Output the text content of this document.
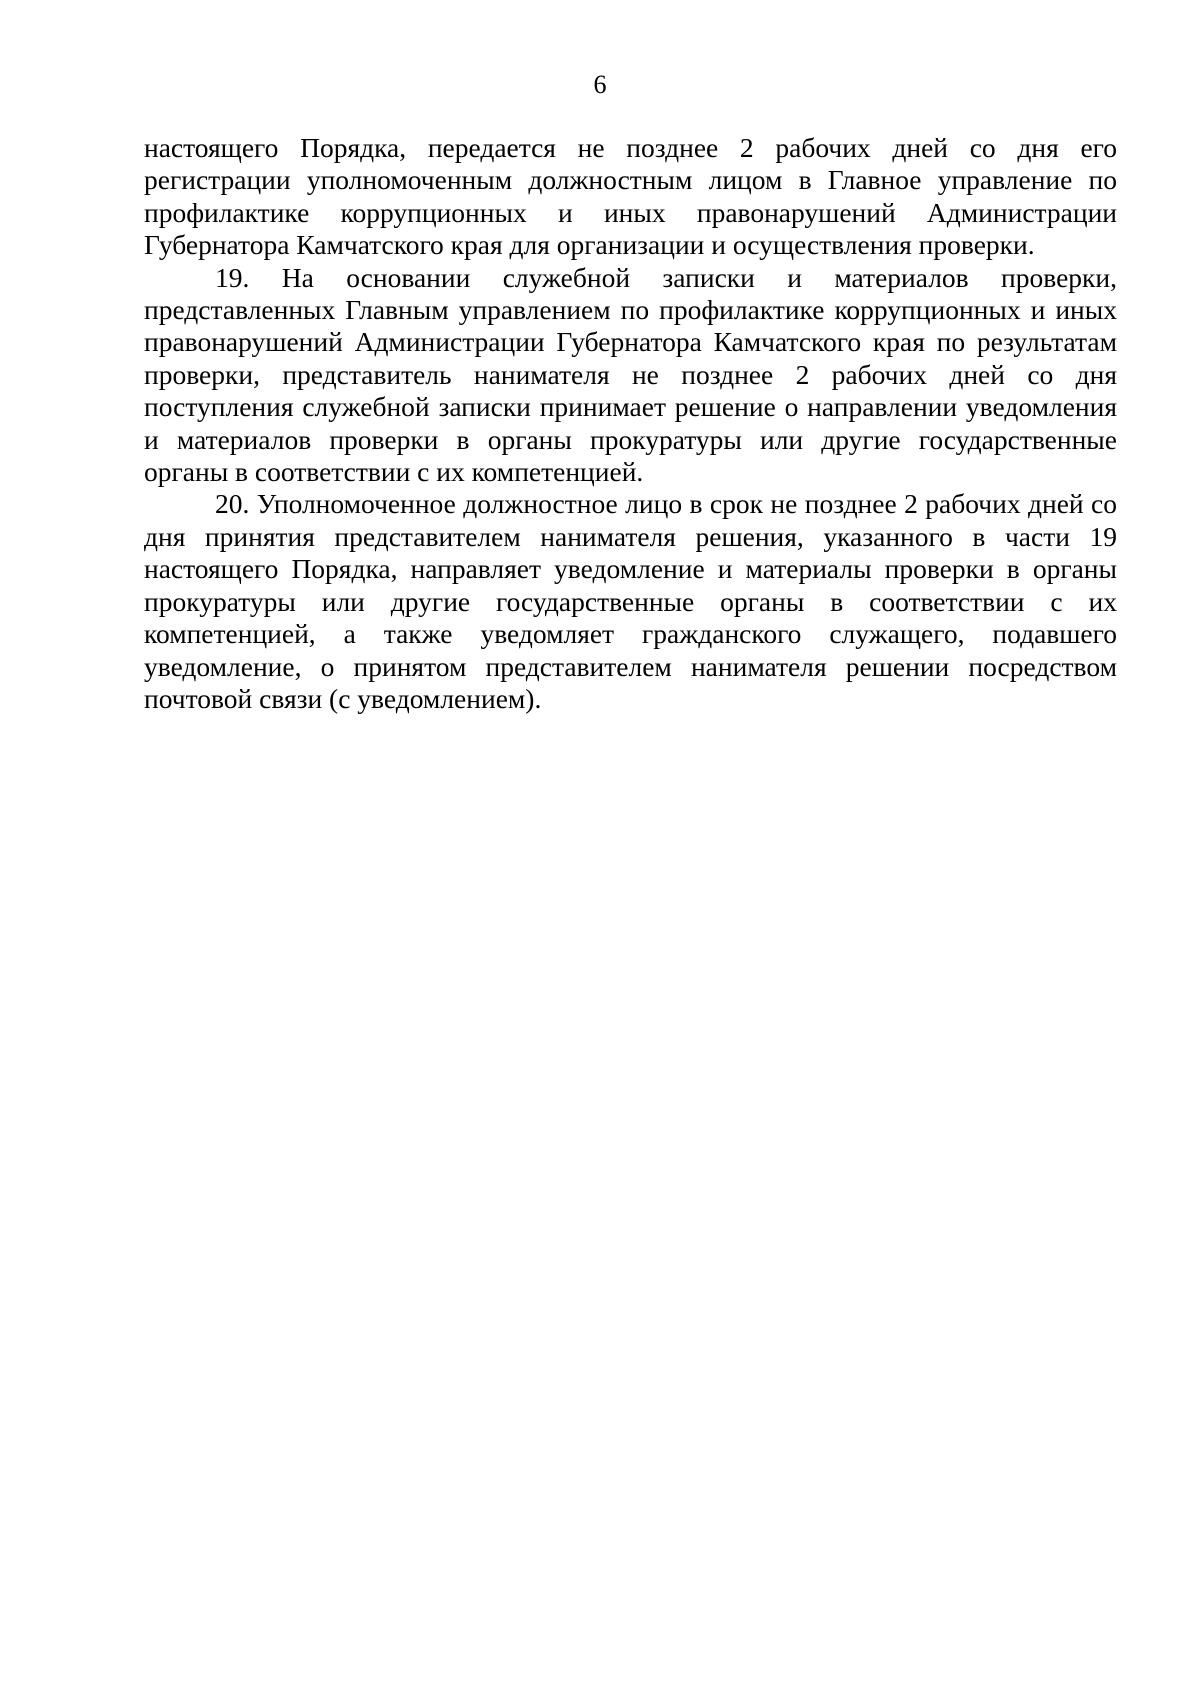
6

настоящего Порядка, передается не позднее 2 рабочих дней со дня его регистрации уполномоченным должностным лицом в Главное управление по профилактике коррупционных и иных правонарушений Администрации Губернатора Камчатского края для организации и осуществления проверки.

19. На основании служебной записки и материалов проверки, представленных Главным управлением по профилактике коррупционных и иных правонарушений Администрации Губернатора Камчатского края по результатам проверки, представитель нанимателя не позднее 2 рабочих дней со дня поступления служебной записки принимает решение о направлении уведомления и материалов проверки в органы прокуратуры или другие государственные органы в соответствии с их компетенцией.

20. Уполномоченное должностное лицо в срок не позднее 2 рабочих дней со дня принятия представителем нанимателя решения, указанного в части 19 настоящего Порядка, направляет уведомление и материалы проверки в органы прокуратуры или другие государственные органы в соответствии с их компетенцией, а также уведомляет гражданского служащего, подавшего уведомление, о принятом представителем нанимателя решении посредством почтовой связи (с уведомлением).
